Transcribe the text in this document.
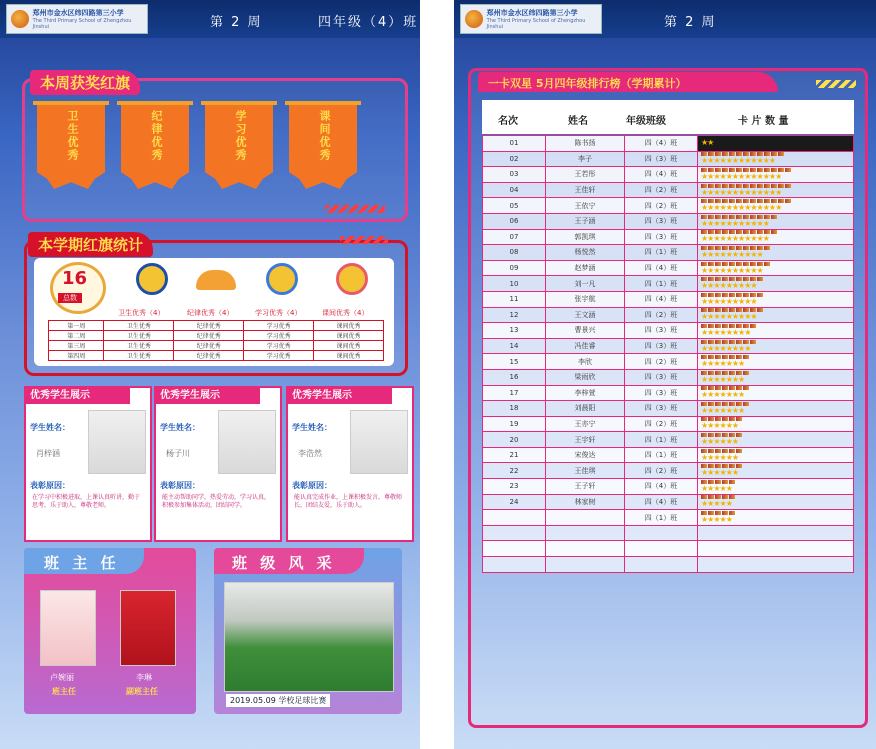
郑州市金水区纬四路第三小学
The Third Primary School of Zhengzhou Jinshui	第 2 周	四年级（4）班
本周获奖红旗
卫生优秀	纪律优秀	学习优秀	课间优秀
本学期红旗统计
16
总数
卫生优秀（4）	纪律优秀（4）	学习优秀（4）	课间优秀（4）
第一周	卫生优秀	纪律优秀	学习优秀	课间优秀
第二周	卫生优秀	纪律优秀	学习优秀	课间优秀
第三周	卫生优秀	纪律优秀	学习优秀	课间优秀
第四周	卫生优秀	纪律优秀	学习优秀	课间优秀
优秀学生展示
学生姓名：
肖梓涵
表彰原因：
在学习中积极进取，上课认真听讲，勤于思考，乐于助人，尊敬老师。
优秀学生展示
学生姓名：
杨子川
表彰原因：
能主动帮助同学，热爱劳动，学习认真，积极参加集体活动，团结同学。
优秀学生展示
学生姓名：
李浩然
表彰原因：
能认真完成作业，上课积极发言，尊敬师长，团结友爱，乐于助人。
班 主 任
卢婉丽
班主任
李琳
副班主任
班 级 风 采
2019.05.09 学校足球比赛
郑州市金水区纬四路第三小学
The Third Primary School of Zhengzhou Jinshui	第 2 周
一卡双星 5月四年级排行榜（学期累计）
名次	姓名	年级班级	卡 片 数 量
01	陈书扬	四（4）班	★★

02	李子	四（3）班	★★★★★★★★★★★★

03	王若彤	四（4）班	★★★★★★★★★★★★★

04	王佳轩	四（2）班	★★★★★★★★★★★★★

05	王依宁	四（2）班	★★★★★★★★★★★★★

06	王子涵	四（3）班	★★★★★★★★★★★

07	郭凯琪	四（3）班	★★★★★★★★★★★

08	杨悦然	四（1）班	★★★★★★★★★★

09	赵梦涵	四（4）班	★★★★★★★★★★

10	刘一凡	四（1）班	★★★★★★★★★

11	张宇航	四（4）班	★★★★★★★★★

12	王文涵	四（2）班	★★★★★★★★★

13	曹景兴	四（3）班	★★★★★★★★

14	冯佳睿	四（3）班	★★★★★★★★

15	李欣	四（2）班	★★★★★★★

16	梁雨欣	四（3）班	★★★★★★★

17	李梓萱	四（3）班	★★★★★★★

18	刘晨阳	四（3）班	★★★★★★★

19	王亦宁	四（2）班	★★★★★★

20	王宇轩	四（1）班	★★★★★★

21	宋俊达	四（1）班	★★★★★★

22	王佳琪	四（2）班	★★★★★★

23	王子轩	四（4）班	★★★★★

24	林家树	四（4）班	★★★★★

		四（1）班	★★★★★
